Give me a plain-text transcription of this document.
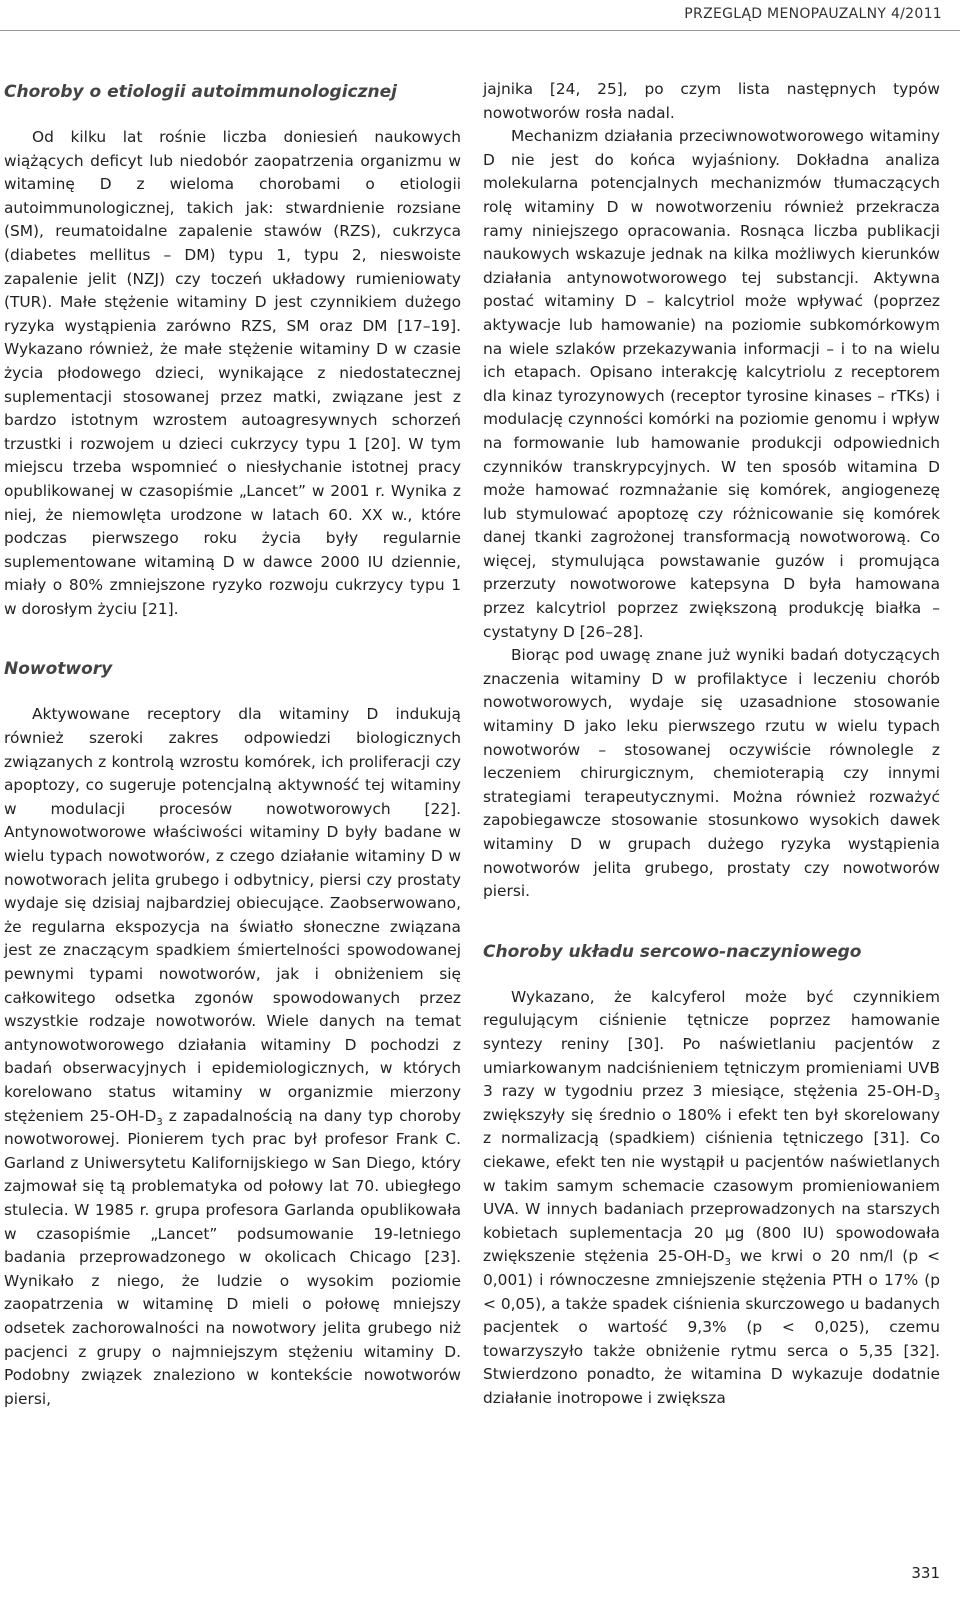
PRZEGLĄD MENOPAUZALNY 4/2011
Choroby o etiologii autoimmunologicznej

Od kilku lat rośnie liczba doniesień naukowych wiążących deficyt lub niedobór zaopatrzenia organizmu w witaminę D z wieloma chorobami o etiologii autoimmunologicznej, takich jak: stwardnienie rozsiane (SM), reumatoidalne zapalenie stawów (RZS), cukrzyca (diabetes mellitus – DM) typu 1, typu 2, nieswoiste zapalenie jelit (NZJ) czy toczeń układowy rumieniowaty (TUR). Małe stężenie witaminy D jest czynnikiem dużego ryzyka wystąpienia zarówno RZS, SM oraz DM [17–19]. Wykazano również, że małe stężenie witaminy D w czasie życia płodowego dzieci, wynikające z niedostatecznej suplementacji stosowanej przez matki, związane jest z bardzo istotnym wzrostem autoagresywnych schorzeń trzustki i rozwojem u dzieci cukrzycy typu 1 [20]. W tym miejscu trzeba wspomnieć o niesłychanie istotnej pracy opublikowanej w czasopiśmie „Lancet” w 2001 r. Wynika z niej, że niemowlęta urodzone w latach 60. XX w., które podczas pierwszego roku życia były regularnie suplementowane witaminą D w dawce 2000 IU dziennie, miały o 80% zmniejszone ryzyko rozwoju cukrzycy typu 1 w dorosłym życiu [21].

Nowotwory

Aktywowane receptory dla witaminy D indukują również szeroki zakres odpowiedzi biologicznych związanych z kontrolą wzrostu komórek, ich proliferacji czy apoptozy, co sugeruje potencjalną aktywność tej witaminy w modulacji procesów nowotworowych [22]. Antynowotworowe właściwości witaminy D były badane w wielu typach nowotworów, z czego działanie witaminy D w nowotworach jelita grubego i odbytnicy, piersi czy prostaty wydaje się dzisiaj najbardziej obiecujące. Zaobserwowano, że regularna ekspozycja na światło słoneczne związana jest ze znaczącym spadkiem śmiertelności spowodowanej pewnymi typami nowotworów, jak i obniżeniem się całkowitego odsetka zgonów spowodowanych przez wszystkie rodzaje nowotworów. Wiele danych na temat antynowotworowego działania witaminy D pochodzi z badań obserwacyjnych i epidemiologicznych, w których korelowano status witaminy w organizmie mierzony stężeniem $25-OH-D_3$ z zapadalnością na dany typ choroby nowotworowej. Pionierem tych prac był profesor Frank C. Garland z Uniwersytetu Kalifornijskiego w San Diego, który zajmował się tą problematyka od połowy lat 70. ubiegłego stulecia. W 1985 r. grupa profesora Garlanda opublikowała w czasopiśmie „Lancet” podsumowanie 19-letniego badania przeprowadzonego w okolicach Chicago [23]. Wynikało z niego, że ludzie o wysokim poziomie zaopatrzenia w witaminę D mieli o połowę mniejszy odsetek zachorowalności na nowotwory jelita grubego niż pacjenci z grupy o najmniejszym stężeniu witaminy D. Podobny związek znaleziono w kontekście nowotworów piersi,

jajnika [24, 25], po czym lista następnych typów nowotworów rosła nadal.

Mechanizm działania przeciwnowotworowego witaminy D nie jest do końca wyjaśniony. Dokładna analiza molekularna potencjalnych mechanizmów tłumaczących rolę witaminy D w nowotworzeniu również przekracza ramy niniejszego opracowania. Rosnąca liczba publikacji naukowych wskazuje jednak na kilka możliwych kierunków działania antynowotworowego tej substancji. Aktywna postać witaminy D – kalcytriol może wpływać (poprzez aktywacje lub hamowanie) na poziomie subkomórkowym na wiele szlaków przekazywania informacji – i to na wielu ich etapach. Opisano interakcję kalcytriolu z receptorem dla kinaz tyrozynowych (receptor tyrosine kinases – rTKs) i modulację czynności komórki na poziomie genomu i wpływ na formowanie lub hamowanie produkcji odpowiednich czynników transkrypcyjnych. W ten sposób witamina D może hamować rozmnażanie się komórek, angiogenezę lub stymulować apoptozę czy różnicowanie się komórek danej tkanki zagrożonej transformacją nowotworową. Co więcej, stymulująca powstawanie guzów i promująca przerzuty nowotworowe katepsyna D była hamowana przez kalcytriol poprzez zwiększoną produkcję białka – cystatyny D [26–28].

Biorąc pod uwagę znane już wyniki badań dotyczących znaczenia witaminy D w profilaktyce i leczeniu chorób nowotworowych, wydaje się uzasadnione stosowanie witaminy D jako leku pierwszego rzutu w wielu typach nowotworów – stosowanej oczywiście równolegle z leczeniem chirurgicznym, chemioterapią czy innymi strategiami terapeutycznymi. Można również rozważyć zapobiegawcze stosowanie stosunkowo wysokich dawek witaminy D w grupach dużego ryzyka wystąpienia nowotworów jelita grubego, prostaty czy nowotworów piersi.

Choroby układu sercowo-naczyniowego

Wykazano, że kalcyferol może być czynnikiem regulującym ciśnienie tętnicze poprzez hamowanie syntezy reniny [30]. Po naświetlaniu pacjentów z umiarkowanym nadciśnieniem tętniczym promieniami UVB 3 razy w tygodniu przez 3 miesiące, stężenia $25-OH-D_3$ zwiększyły się średnio o 180% i efekt ten był skorelowany z normalizacją (spadkiem) ciśnienia tętniczego [31]. Co ciekawe, efekt ten nie wystąpił u pacjentów naświetlanych w takim samym schemacie czasowym promieniowaniem UVA. W innych badaniach przeprowadzonych na starszych kobietach suplementacja 20 μg (800 IU) spowodowała zwiększenie stężenia $25-OH-D_3$ we krwi o 20 nm/l (p < 0,001) i równoczesne zmniejszenie stężenia PTH o 17% (p < 0,05), a także spadek ciśnienia skurczowego u badanych pacjentek o wartość 9,3% (p < 0,025), czemu towarzyszyło także obniżenie rytmu serca o 5,35 [32]. Stwierdzono ponadto, że witamina D wykazuje dodatnie działanie inotropowe i zwiększa

331
